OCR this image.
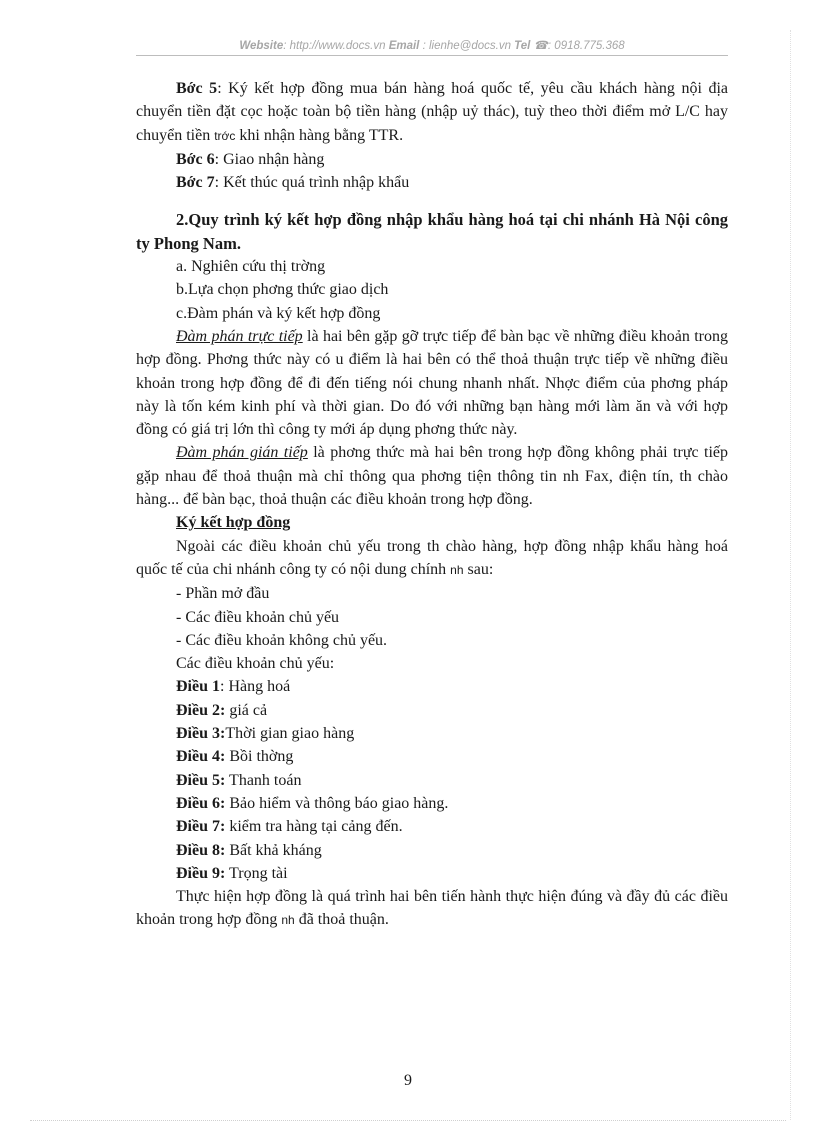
Website: http://www.docs.vn Email : lienhe@docs.vn Tel ☎: 0918.775.368

Bớc 5: Ký kết hợp đồng mua bán hàng hoá quốc tế, yêu cầu khách hàng nội địa chuyển tiền đặt cọc hoặc toàn bộ tiền hàng (nhập uỷ thác), tuỳ theo thời điểm mở L/C hay chuyển tiền trớc khi nhận hàng bằng TTR.

Bớc 6: Giao nhận hàng

Bớc 7: Kết thúc quá trình nhập khẩu

2.Quy trình ký kết hợp đồng nhập khẩu hàng hoá tại chi nhánh Hà Nội công ty Phong Nam.

a. Nghiên cứu thị trờng

b.Lựa chọn phơng thức giao dịch

c.Đàm phán và ký kết hợp đồng

Đàm phán trực tiếp là hai bên gặp gỡ trực tiếp để bàn bạc về những điều khoản trong hợp đồng. Phơng thức này có u điểm là hai bên có thể thoả thuận trực tiếp về những điều khoản trong hợp đồng để đi đến tiếng nói chung nhanh nhất. Nhợc điểm của phơng pháp này là tốn kém kinh phí và thời gian. Do đó với những bạn hàng mới làm ăn và với hợp đồng có giá trị lớn thì công ty mới áp dụng phơng thức này.

Đàm phán gián tiếp là phơng thức mà hai bên trong hợp đồng không phải trực tiếp gặp nhau để thoả thuận mà chỉ thông qua phơng tiện thông tin nh Fax, điện tín, th chào hàng... để bàn bạc, thoả thuận các điều khoản trong hợp đồng.

Ký kết hợp đồng

Ngoài các điều khoản chủ yếu trong th chào hàng, hợp đồng nhập khẩu hàng hoá quốc tế của chi nhánh công ty có nội dung chính nh sau:

- Phần mở đầu

- Các điều khoản chủ yếu

- Các điều khoản không chủ yếu.

Các điều khoản chủ yếu:

Điều 1: Hàng hoá

Điều 2: giá cả

Điều 3:Thời gian giao hàng

Điều 4: Bồi thờng

Điều 5: Thanh toán

Điều 6: Bảo hiểm và thông báo giao hàng.

Điều 7: kiểm tra hàng tại cảng đến.

Điều 8: Bất khả kháng

Điều 9: Trọng tài

Thực hiện hợp đồng là quá trình hai bên tiến hành thực hiện đúng và đầy đủ các điều khoản trong hợp đồng nh đã thoả thuận.

9
